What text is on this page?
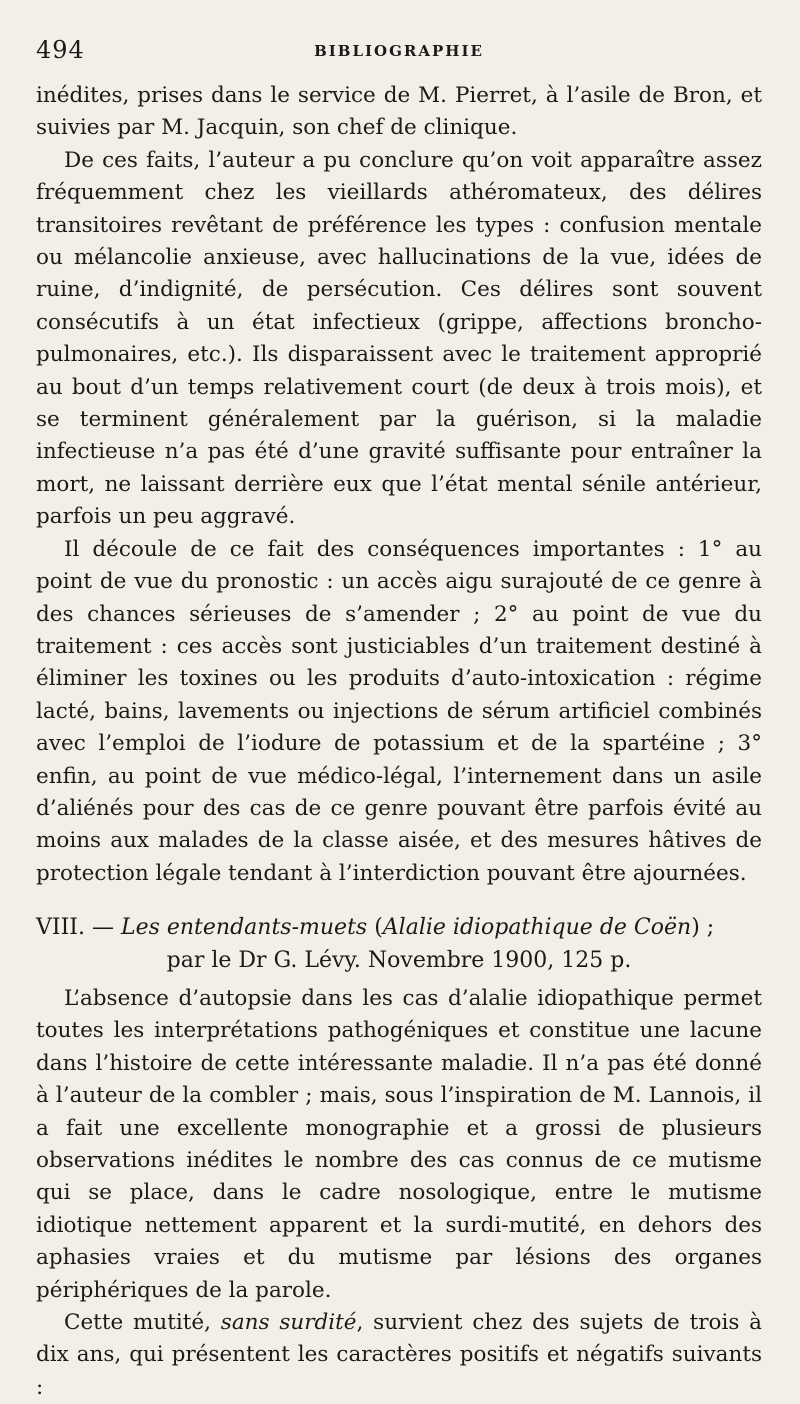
494	BIBLIOGRAPHIE

inédites, prises dans le service de M. Pierret, à l’asile de Bron, et suivies par M. Jacquin, son chef de clinique.

De ces faits, l’auteur a pu conclure qu’on voit apparaître assez fréquemment chez les vieillards athéromateux, des délires transitoires revêtant de préférence les types : confusion mentale ou mélancolie anxieuse, avec hallucinations de la vue, idées de ruine, d’indignité, de persécution. Ces délires sont souvent consécutifs à un état infectieux (grippe, affections broncho-pulmonaires, etc.). Ils disparaissent avec le traitement approprié au bout d’un temps relativement court (de deux à trois mois), et se terminent généralement par la guérison, si la maladie infectieuse n’a pas été d’une gravité suffisante pour entraîner la mort, ne laissant derrière eux que l’état mental sénile antérieur, parfois un peu aggravé.

Il découle de ce fait des conséquences importantes : 1° au point de vue du pronostic : un accès aigu surajouté de ce genre à des chances sérieuses de s’amender ; 2° au point de vue du traitement : ces accès sont justiciables d’un traitement destiné à éliminer les toxines ou les produits d’auto-intoxication : régime lacté, bains, lavements ou injections de sérum artificiel combinés avec l’emploi de l’iodure de potassium et de la spartéine ; 3° enfin, au point de vue médico-légal, l’internement dans un asile d’aliénés pour des cas de ce genre pouvant être parfois évité au moins aux malades de la classe aisée, et des mesures hâtives de protection légale tendant à l’interdiction pouvant être ajournées.

VIII. — Les entendants-muets (Alalie idiopathique de Coën) ;
par le Dr G. Lévy. Novembre 1900, 125 p.

L’absence d’autopsie dans les cas d’alalie idiopathique permet toutes les interprétations pathogéniques et constitue une lacune dans l’histoire de cette intéressante maladie. Il n’a pas été donné à l’auteur de la combler ; mais, sous l’inspiration de M. Lannois, il a fait une excellente monographie et a grossi de plusieurs observations inédites le nombre des cas connus de ce mutisme qui se place, dans le cadre nosologique, entre le mutisme idiotique nettement apparent et la surdi-mutité, en dehors des aphasies vraies et du mutisme par lésions des organes périphériques de la parole.

Cette mutité, sans surdité, survient chez des sujets de trois à dix ans, qui présentent les caractères positifs et négatifs suivants :
